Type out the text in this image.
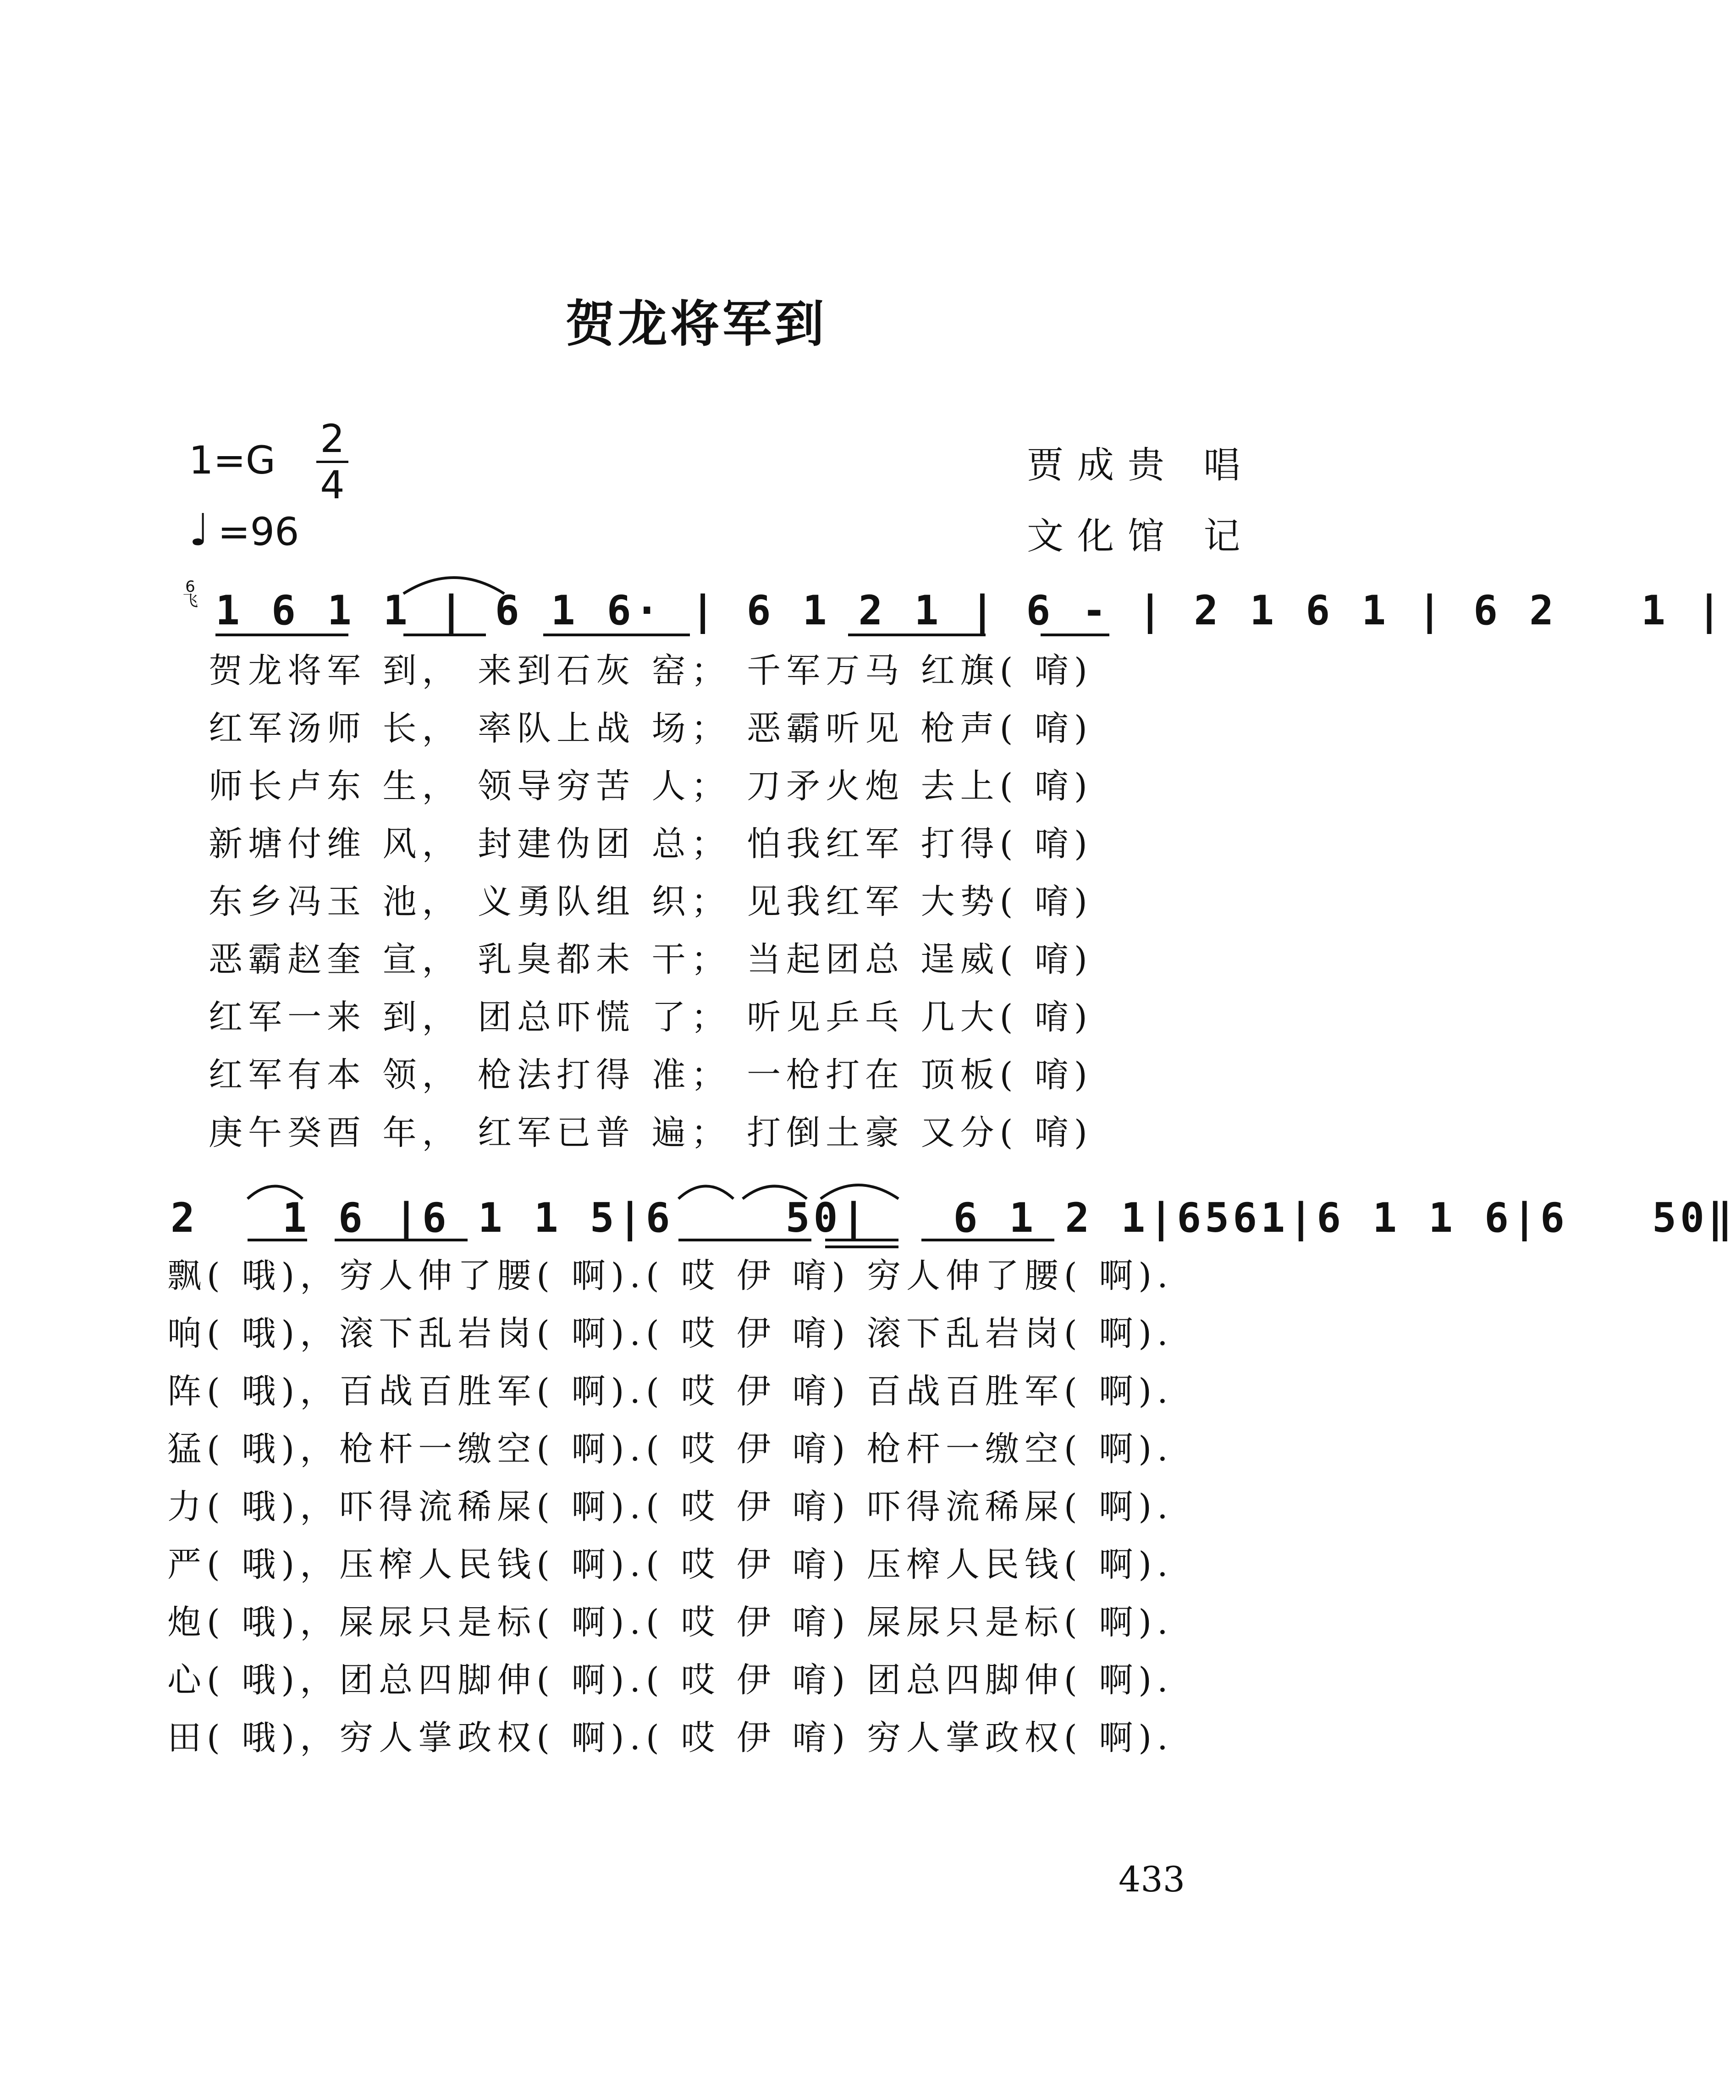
贺龙将军到
1=G 2
4
♩ =96
贾成贵 唱
文化馆 记
6
飞 1 6 1 1 | 6 1 6· | 6 1 2 1 | 6 - | 2 1 6 1 | 6 2   1 |
贺龙将军 到， 来到石灰 窑； 千军万马 红旗( 唷)
红军汤师 长， 率队上战 场； 恶霸听见 枪声( 唷)
师长卢东 生， 领导穷苦 人； 刀矛火炮 去上( 唷)
新塘付维 风， 封建伪团 总； 怕我红军 打得( 唷)
东乡冯玉 池， 义勇队组 织； 见我红军 大势( 唷)
恶霸赵奎 宣， 乳臭都未 干； 当起团总 逞威( 唷)
红军一来 到， 团总吓慌 了； 听见乒乓 几大( 唷)
红军有本 领， 枪法打得 准； 一枪打在 顶板( 唷)
庚午癸酉 年， 红军已普 遍； 打倒土豪 又分( 唷)
2   1 6 |6 1 1 5|6    50|   6 1 2 1|6561|6 1 1 6|6   50‖
飘( 哦)，穷人伸了腰( 啊).( 哎 伊 唷) 穷人伸了腰( 啊).
响( 哦)，滚下乱岩岗( 啊).( 哎 伊 唷) 滚下乱岩岗( 啊).
阵( 哦)，百战百胜军( 啊).( 哎 伊 唷) 百战百胜军( 啊).
猛( 哦)，枪杆一缴空( 啊).( 哎 伊 唷) 枪杆一缴空( 啊).
力( 哦)，吓得流稀屎( 啊).( 哎 伊 唷) 吓得流稀屎( 啊).
严( 哦)，压榨人民钱( 啊).( 哎 伊 唷) 压榨人民钱( 啊).
炮( 哦)，屎尿只是标( 啊).( 哎 伊 唷) 屎尿只是标( 啊).
心( 哦)，团总四脚伸( 啊).( 哎 伊 唷) 团总四脚伸( 啊).
田( 哦)，穷人掌政权( 啊).( 哎 伊 唷) 穷人掌政权( 啊).
433
